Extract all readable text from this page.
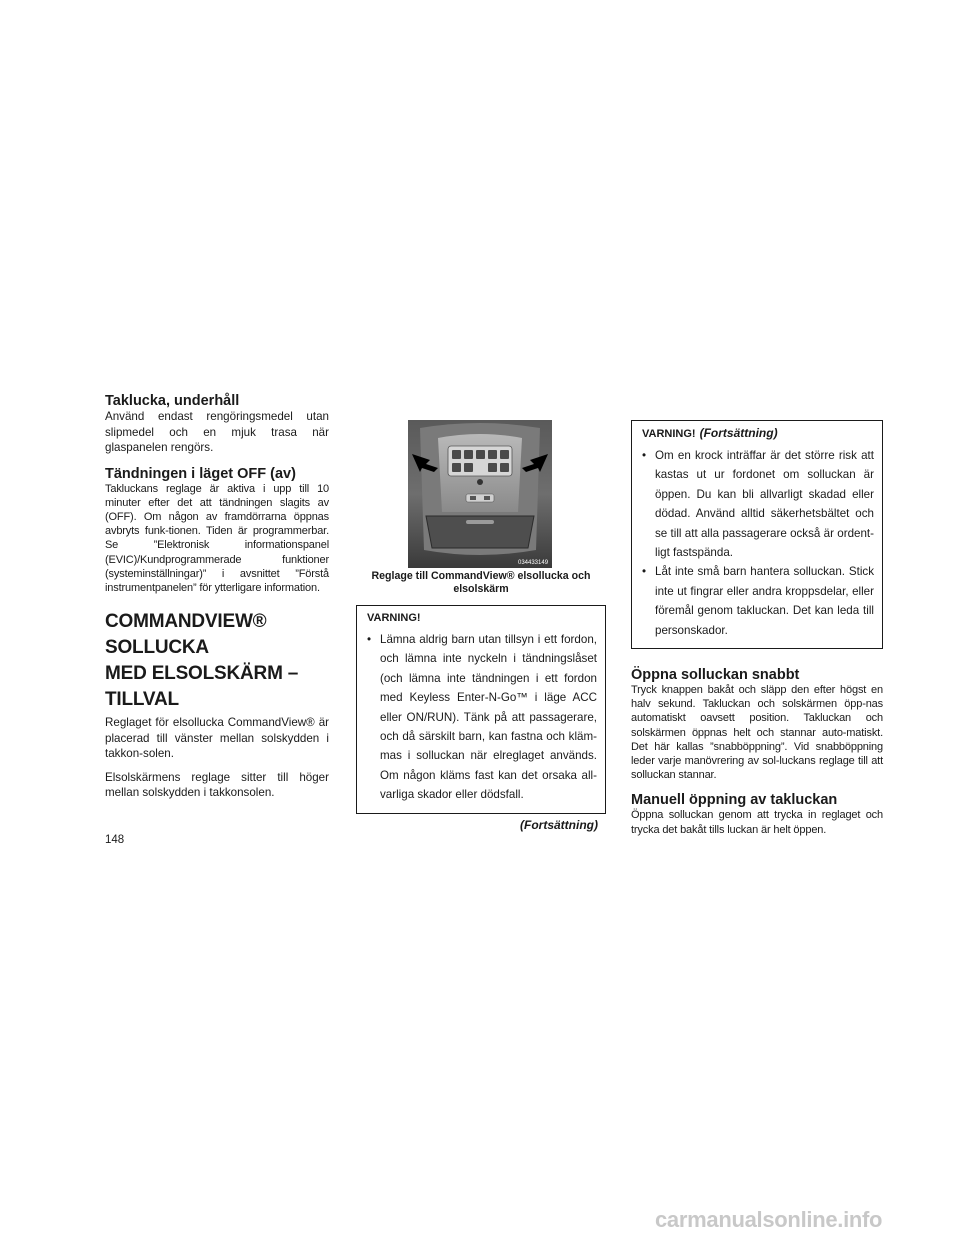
Taklucka, underhåll

Använd endast rengöringsmedel utan slipmedel och en mjuk trasa när glaspanelen rengörs.

Tändningen i läget OFF (av)

Takluckans reglage är aktiva i upp till 10 minuter efter det att tändningen slagits av (OFF). Om någon av framdörrarna öppnas avbryts funk-tionen. Tiden är programmerbar. Se ”Elektronisk informationspanel (EVIC)/Kundprogrammerade funktioner (systeminställningar)” i avsnittet ”Förstå instrumentpanelen” för ytterligare information.

COMMANDVIEW® SOLLUCKA
MED ELSOLSKÄRM – TILLVAL

Reglaget för elsollucka CommandView® är placerad till vänster mellan solskydden i takkon-solen.

Elsolskärmens reglage sitter till höger mellan solskydden i takkonsolen.

034433149
Reglage till CommandView® elsollucka och elsolskärm
VARNING!
• Lämna aldrig barn utan tillsyn i ett fordon, och lämna inte nyckeln i tändningslåset (och lämna inte tändningen i ett fordon med Keyless Enter-N-Go™ i läge ACC eller ON/RUN). Tänk på att passagerare, och då särskilt barn, kan fastna och kläm-mas i solluckan när elreglaget används. Om någon kläms fast kan det orsaka all-varliga skador eller dödsfall.
(Fortsättning)
VARNING! (Fortsättning)
• Om en krock inträffar är det större risk att kastas ut ur fordonet om solluckan är öppen. Du kan bli allvarligt skadad eller dödad. Använd alltid säkerhetsbältet och se till att alla passagerare också är ordent-ligt fastspända.
• Låt inte små barn hantera solluckan. Stick inte ut fingrar eller andra kroppsdelar, eller föremål genom takluckan. Det kan leda till personskador.
Öppna solluckan snabbt

Tryck knappen bakåt och släpp den efter högst en halv sekund. Takluckan och solskärmen öpp-nas automatiskt oavsett position. Takluckan och solskärmen öppnas helt och stannar auto-matiskt. Det här kallas ”snabböppning”. Vid snabböppning leder varje manövrering av sol-luckans reglage till att solluckan stannar.

Manuell öppning av takluckan

Öppna solluckan genom att trycka in reglaget och trycka det bakåt tills luckan är helt öppen.

148
carmanualsonline.info
